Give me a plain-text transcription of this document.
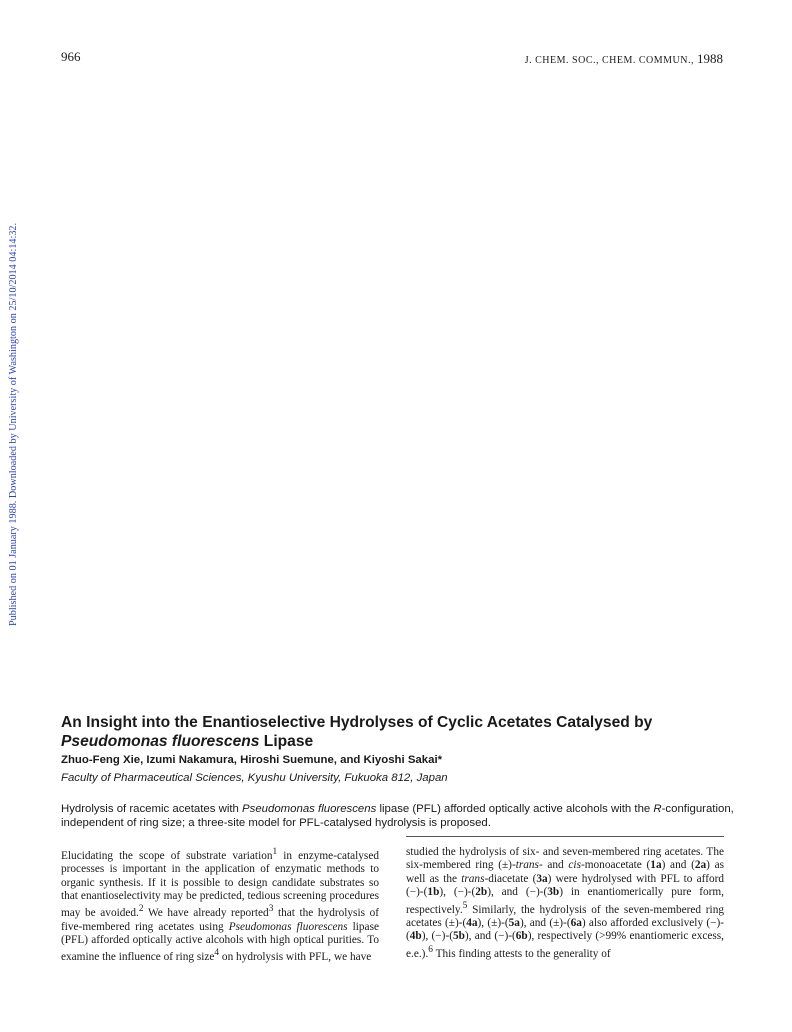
966	J. CHEM. SOC., CHEM. COMMUN., 1988
Published on 01 January 1988. Downloaded by University of Washington on 25/10/2014 04:14:32.
An Insight into the Enantioselective Hydrolyses of Cyclic Acetates Catalysed by
Pseudomonas fluorescens Lipase
Zhuo-Feng Xie, Izumi Nakamura, Hiroshi Suemune, and Kiyoshi Sakai*
Faculty of Pharmaceutical Sciences, Kyushu University, Fukuoka 812, Japan

Hydrolysis of racemic acetates with Pseudomonas fluorescens lipase (PFL) afforded optically active alcohols with the R-configuration, independent of ring size; a three-site model for PFL-catalysed hydrolysis is proposed.

Elucidating the scope of substrate variation$^1$ in enzyme-catalysed processes is important in the application of enzymatic methods to organic synthesis. If it is possible to design candidate substrates so that enantioselectivity may be predicted, tedious screening procedures may be avoided.$^2$ We have already reported$^3$ that the hydrolysis of five-membered ring acetates using Pseudomonas fluorescens lipase (PFL) afforded optically active alcohols with high optical purities. To examine the influence of ring size$^4$ on hydrolysis with PFL, we have

studied the hydrolysis of six- and seven-membered ring acetates. The six-membered ring (±)-trans- and cis-monoacetate (1a) and (2a) as well as the trans-diacetate (3a) were hydrolysed with PFL to afford (−)-(1b), (−)-(2b), and (−)-(3b) in enantiomerically pure form, respectively.$^5$ Similarly, the hydrolysis of the seven-membered ring acetates (±)-(4a), (±)-(5a), and (±)-(6a) also afforded exclusively (−)-(4b), (−)-(5b), and (−)-(6b), respectively (>99% enantiomeric excess, e.e.).$^6$ This finding attests to the generality of
